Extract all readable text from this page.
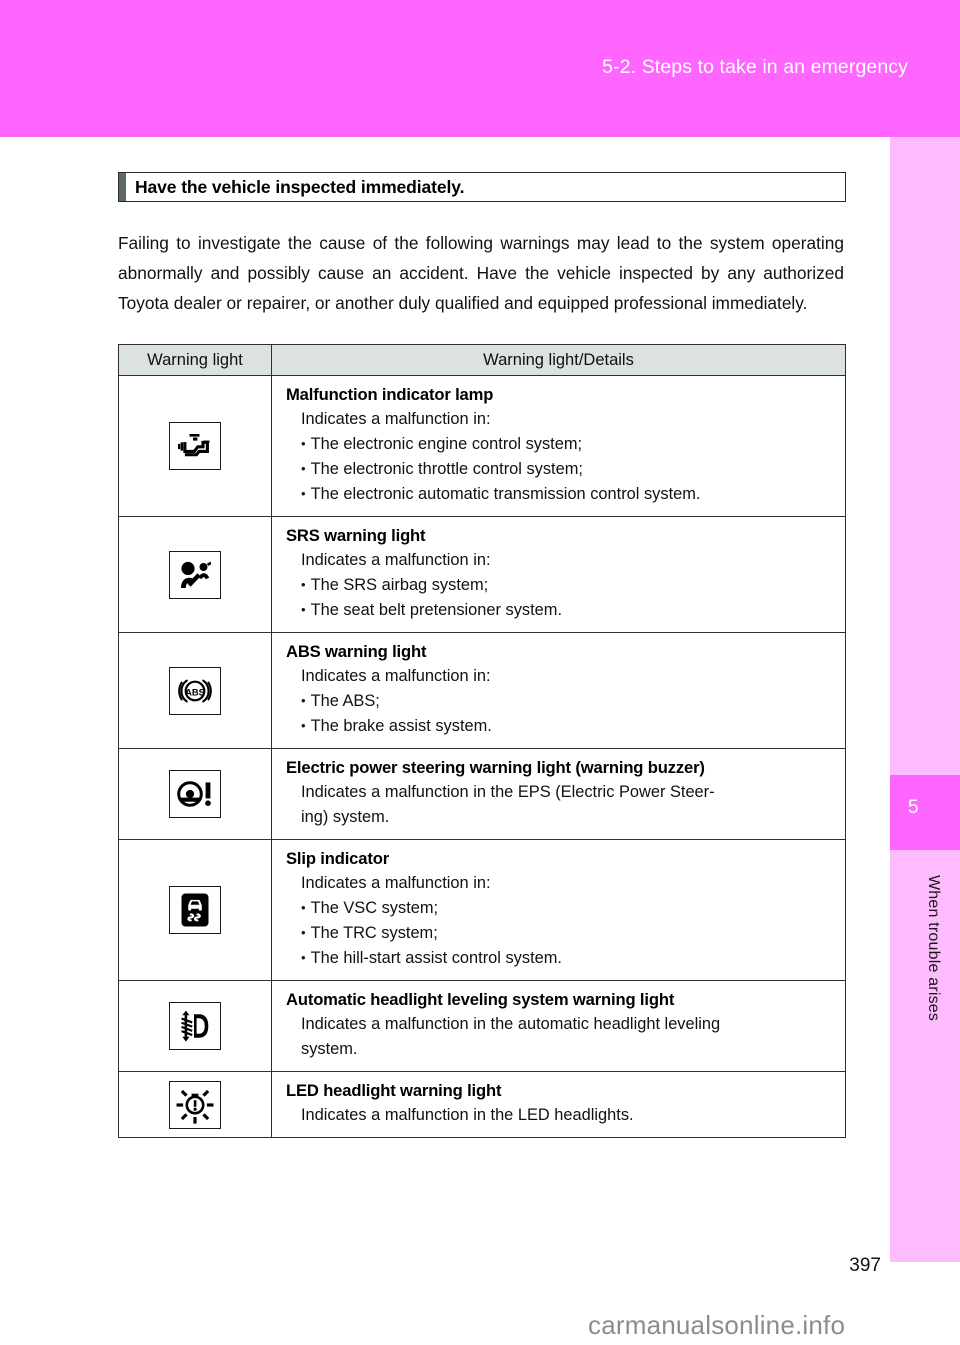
5-2. Steps to take in an emergency
5
When trouble arises
Have the vehicle inspected immediately.

Failing to investigate the cause of the following warnings may lead to the system operating abnormally and possibly cause an accident. Have the vehicle inspected by any authorized Toyota dealer or repairer, or another duly qualified and equipped professional immediately.

Warning light	Warning light/Details

Malfunction indicator lamp
Indicates a malfunction in:
• The electronic engine control system;
• The electronic throttle control system;
• The electronic automatic transmission control system.

SRS warning light
Indicates a malfunction in:
• The SRS airbag system;
• The seat belt pretensioner system.

ABS	ABS warning light
Indicates a malfunction in:
• The ABS;
• The brake assist system.

Electric power steering warning light (warning buzzer)
Indicates a malfunction in the EPS (Electric Power Steer-
ing) system.

Slip indicator
Indicates a malfunction in:
• The VSC system;
• The TRC system;
• The hill-start assist control system.

Automatic headlight leveling system warning light
Indicates a malfunction in the automatic headlight leveling
system.

LED headlight warning light
Indicates a malfunction in the LED headlights.
397
carmanualsonline.info
